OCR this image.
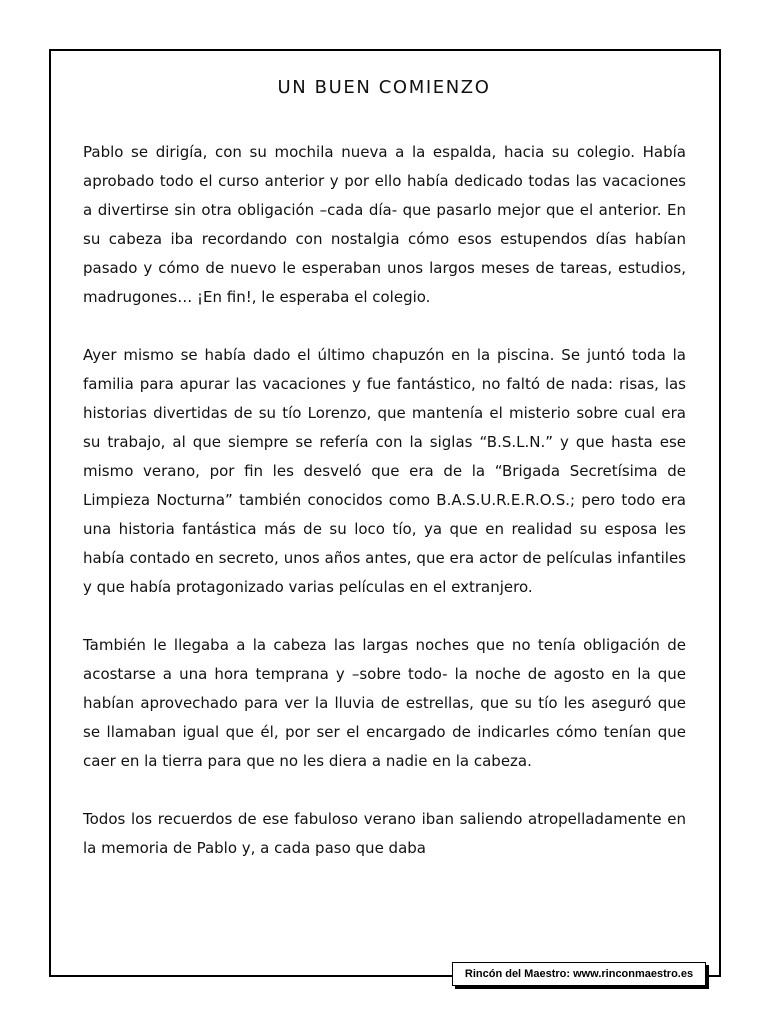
UN BUEN COMIENZO

Pablo se dirigía, con su mochila nueva a la espalda, hacia su colegio. Había aprobado todo el curso anterior y por ello había dedicado todas las vacaciones a divertirse sin otra obligación –cada día- que pasarlo mejor que el anterior. En su cabeza iba recordando con nostalgia cómo esos estupendos días habían pasado y cómo de nuevo le esperaban unos largos meses de tareas, estudios, madrugones… ¡En fin!, le esperaba el colegio.

Ayer mismo se había dado el último chapuzón en la piscina. Se juntó toda la familia para apurar las vacaciones y fue fantástico, no faltó de nada: risas, las historias divertidas de su tío Lorenzo, que mantenía el misterio sobre cual era su trabajo, al que siempre se refería con la siglas “B.S.L.N.” y que hasta ese mismo verano, por fin les desveló que era de la “Brigada Secretísima de Limpieza Nocturna” también conocidos como B.A.S.U.R.E.R.O.S.; pero todo era una historia fantástica más de su loco tío, ya que en realidad su esposa les había contado en secreto, unos años antes, que era actor de películas infantiles y que había protagonizado varias películas en el extranjero.

También le llegaba a la cabeza las largas noches que no tenía obligación de acostarse a una hora temprana y –sobre todo- la noche de agosto en la que habían aprovechado para ver la lluvia de estrellas, que su tío les aseguró que se llamaban igual que él, por ser el encargado de indicarles cómo tenían que caer en la tierra para que no les diera a nadie en la cabeza.

Todos los recuerdos de ese fabuloso verano iban saliendo atropelladamente en la memoria de Pablo y, a cada paso que daba

Rincón del Maestro: www.rinconmaestro.es
